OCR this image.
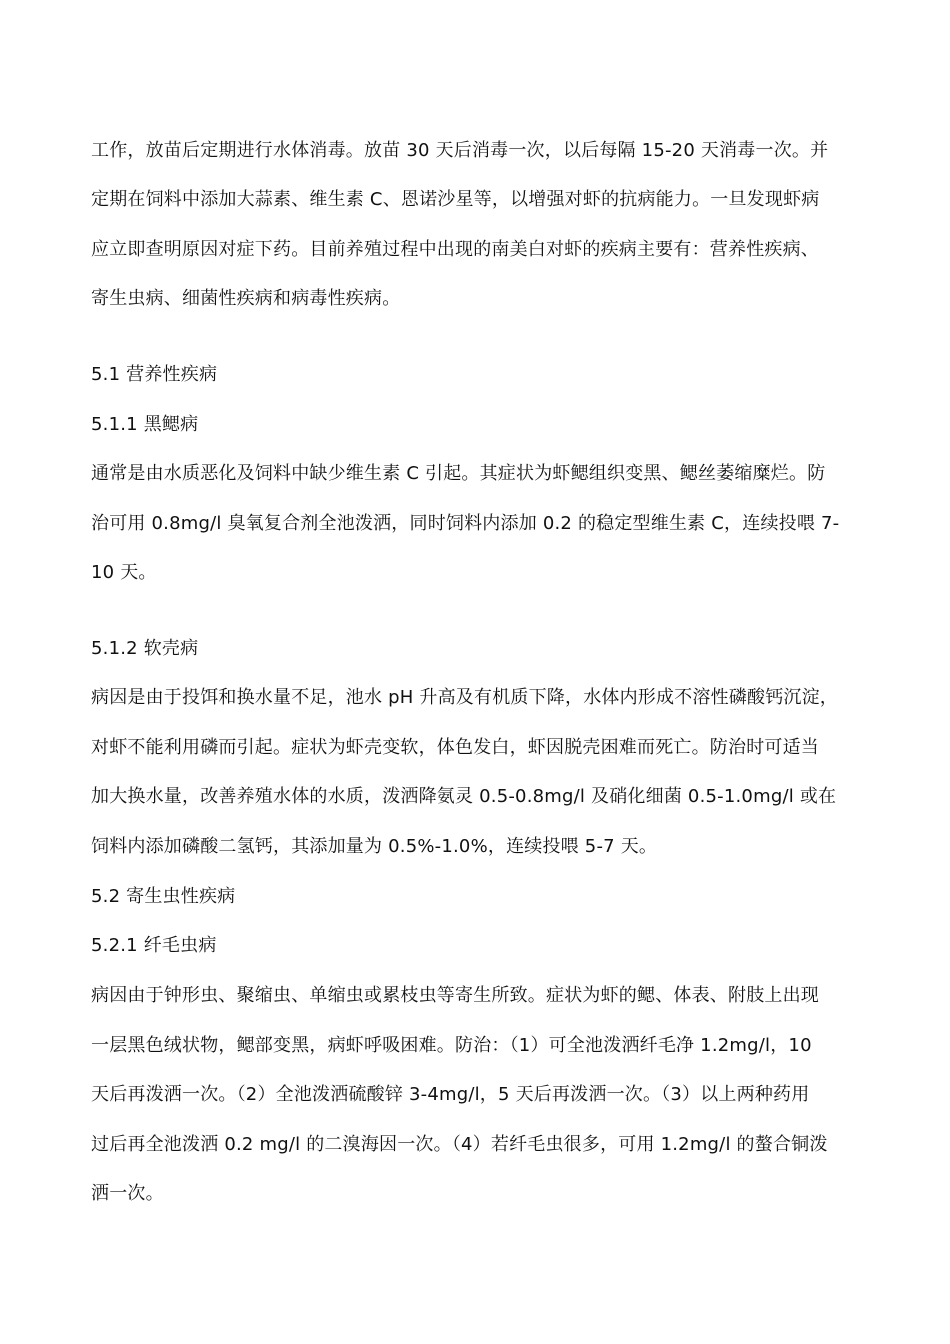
工作，放苗后定期进行水体消毒。放苗 30 天后消毒一次，以后每隔 15-20 天消毒一次。并
定期在饲料中添加大蒜素、维生素 C、恩诺沙星等，以增强对虾的抗病能力。一旦发现虾病
应立即查明原因对症下药。目前养殖过程中出现的南美白对虾的疾病主要有：营养性疾病、
寄生虫病、细菌性疾病和病毒性疾病。
5.1 营养性疾病
5.1.1 黑鳃病
通常是由水质恶化及饲料中缺少维生素 C 引起。其症状为虾鳃组织变黑、鳃丝萎缩糜烂。防
治可用 0.8mg/l 臭氧复合剂全池泼洒，同时饲料内添加 0.2 的稳定型维生素 C，连续投喂 7-
10 天。
5.1.2 软壳病
病因是由于投饵和换水量不足，池水 pH 升高及有机质下降，水体内形成不溶性磷酸钙沉淀，
对虾不能利用磷而引起。症状为虾壳变软，体色发白，虾因脱壳困难而死亡。防治时可适当
加大换水量，改善养殖水体的水质，泼洒降氨灵 0.5-0.8mg/l 及硝化细菌 0.5-1.0mg/l 或在
饲料内添加磷酸二氢钙，其添加量为 0.5%-1.0%，连续投喂 5-7 天。
5.2 寄生虫性疾病
5.2.1 纤毛虫病
病因由于钟形虫、聚缩虫、单缩虫或累枝虫等寄生所致。症状为虾的鳃、体表、附肢上出现
一层黑色绒状物，鳃部变黑，病虾呼吸困难。防治：（1）可全池泼洒纤毛净 1.2mg/l，10
天后再泼洒一次。（2）全池泼洒硫酸锌 3-4mg/l，5 天后再泼洒一次。（3）以上两种药用
过后再全池泼洒 0.2 mg/l 的二溴海因一次。（4）若纤毛虫很多，可用 1.2mg/l 的螯合铜泼
洒一次。
